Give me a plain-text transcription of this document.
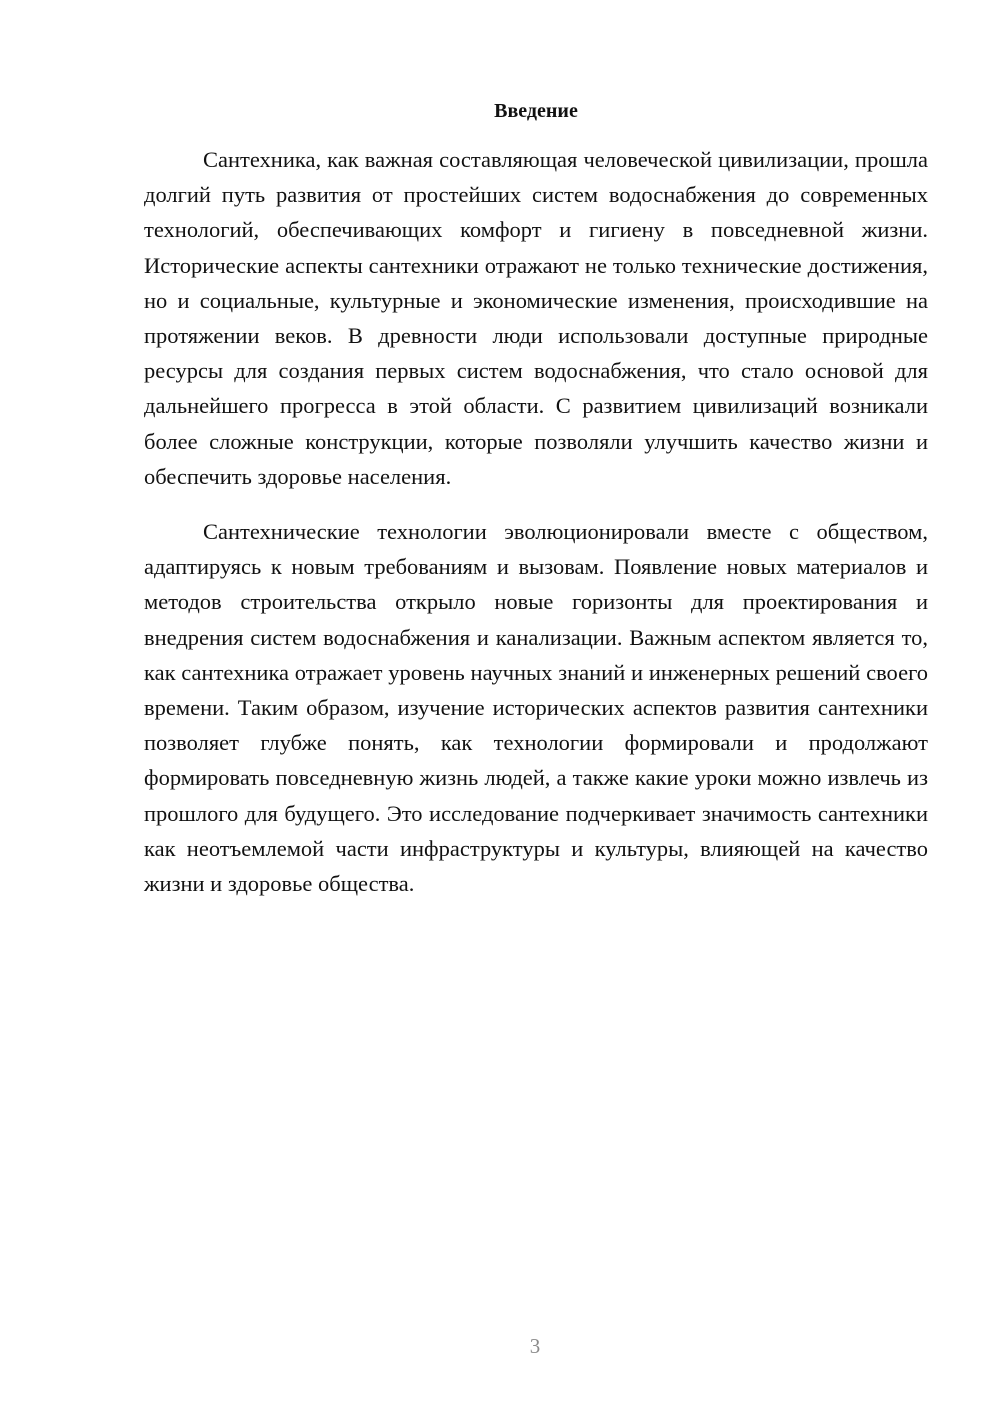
Введение

Сантехника, как важная составляющая человеческой цивилизации, прошла долгий путь развития от простейших систем водоснабжения до современных технологий, обеспечивающих комфорт и гигиену в повседневной жизни. Исторические аспекты сантехники отражают не только технические достижения, но и социальные, культурные и экономические изменения, происходившие на протяжении веков. В древности люди использовали доступные природные ресурсы для создания первых систем водоснабжения, что стало основой для дальнейшего прогресса в этой области. С развитием цивилизаций возникали более сложные конструкции, которые позволяли улучшить качество жизни и обеспечить здоровье населения.

Сантехнические технологии эволюционировали вместе с обществом, адаптируясь к новым требованиям и вызовам. Появление новых материалов и методов строительства открыло новые горизонты для проектирования и внедрения систем водоснабжения и канализации. Важным аспектом является то, как сантехника отражает уровень научных знаний и инженерных решений своего времени. Таким образом, изучение исторических аспектов развития сантехники позволяет глубже понять, как технологии формировали и продолжают формировать повседневную жизнь людей, а также какие уроки можно извлечь из прошлого для будущего. Это исследование подчеркивает значимость сантехники как неотъемлемой части инфраструктуры и культуры, влияющей на качество жизни и здоровье общества.

3
